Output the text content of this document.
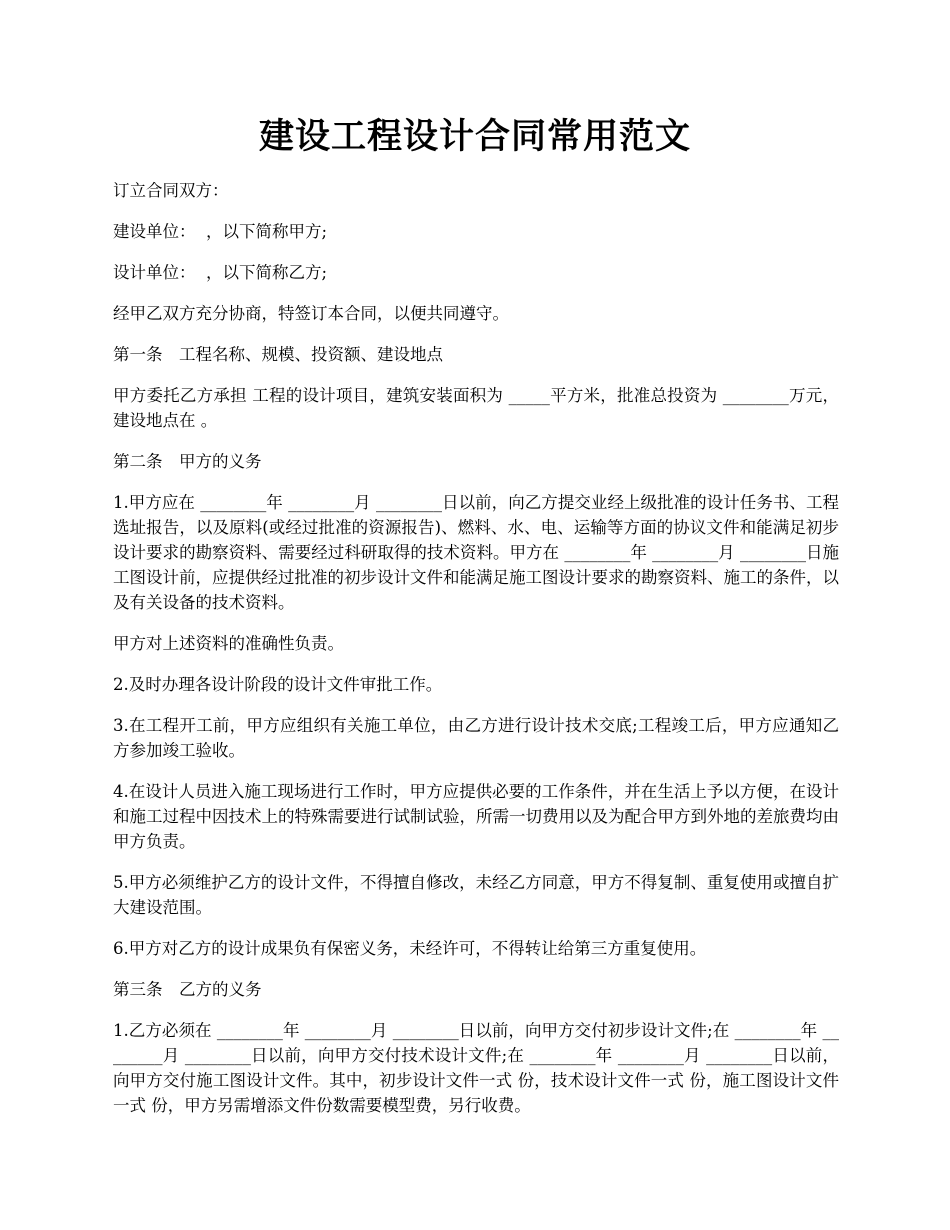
建设工程设计合同常用范文

订立合同双方：

建设单位：  ，以下简称甲方;

设计单位：  ，以下简称乙方;

经甲乙双方充分协商，特签订本合同，以便共同遵守。

第一条　工程名称、规模、投资额、建设地点

甲方委托乙方承担 工程的设计项目，建筑安装面积为 _____平方米，批准总投资为 ________万元，建设地点在 。

第二条　甲方的义务

1.甲方应在 ________年 ________月 ________日以前，向乙方提交业经上级批准的设计任务书、工程选址报告，以及原料(或经过批准的资源报告)、燃料、水、电、运输等方面的协议文件和能满足初步设计要求的勘察资料、需要经过科研取得的技术资料。甲方在 ________年 ________月 ________日施工图设计前，应提供经过批准的初步设计文件和能满足施工图设计要求的勘察资料、施工的条件，以及有关设备的技术资料。

甲方对上述资料的准确性负责。

2.及时办理各设计阶段的设计文件审批工作。

3.在工程开工前，甲方应组织有关施工单位，由乙方进行设计技术交底;工程竣工后，甲方应通知乙方参加竣工验收。

4.在设计人员进入施工现场进行工作时，甲方应提供必要的工作条件，并在生活上予以方便，在设计和施工过程中因技术上的特殊需要进行试制试验，所需一切费用以及为配合甲方到外地的差旅费均由甲方负责。

5.甲方必须维护乙方的设计文件，不得擅自修改，未经乙方同意，甲方不得复制、重复使用或擅自扩大建设范围。

6.甲方对乙方的设计成果负有保密义务，未经许可，不得转让给第三方重复使用。

第三条　乙方的义务

1.乙方必须在 ________年 ________月 ________日以前，向甲方交付初步设计文件;在 ________年 ________月 ________日以前，向甲方交付技术设计文件;在 ________年 ________月 ________日以前，向甲方交付施工图设计文件。其中，初步设计文件一式 份，技术设计文件一式 份，施工图设计文件一式 份，甲方另需增添文件份数需要模型费，另行收费。
